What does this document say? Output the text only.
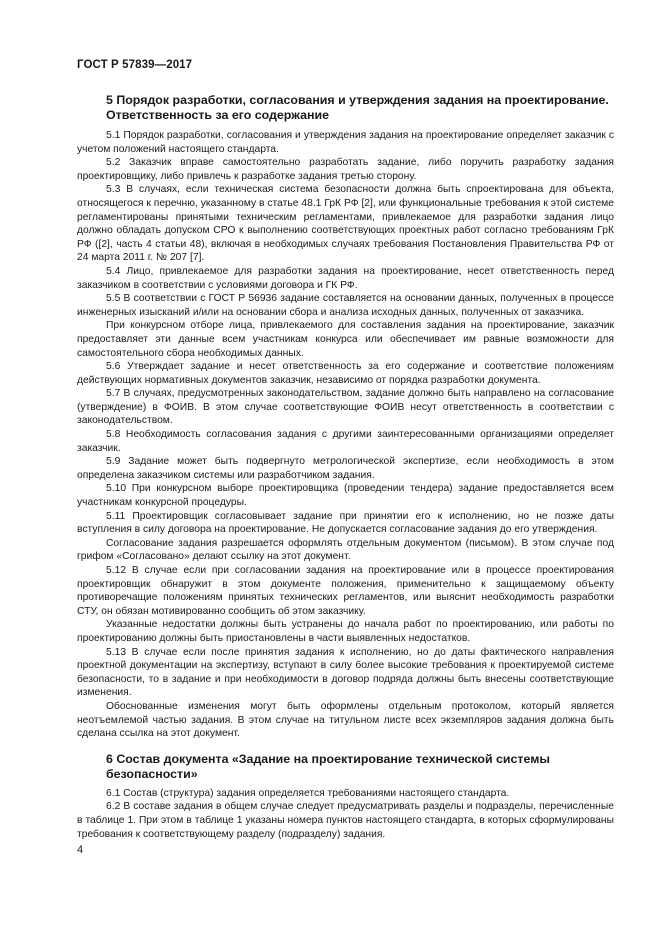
ГОСТ Р 57839—2017
5 Порядок разработки, согласования и утверждения задания на проектирование. Ответственность за его содержание

5.1 Порядок разработки, согласования и утверждения задания на проектирование определяет заказчик с учетом положений настоящего стандарта.

5.2 Заказчик вправе самостоятельно разработать задание, либо поручить разработку задания проектировщику, либо привлечь к разработке задания третью сторону.

5.3 В случаях, если техническая система безопасности должна быть спроектирована для объекта, относящегося к перечню, указанному в статье 48.1 ГрК РФ [2], или функциональные требования к этой системе регламентированы принятыми техническим регламентами, привлекаемое для разработки задания лицо должно обладать допуском СРО к выполнению соответствующих проектных работ согласно требованиям ГрК РФ ([2], часть 4 статьи 48), включая в необходимых случаях требования Постановления Правительства РФ от 24 марта 2011 г. № 207 [7].

5.4 Лицо, привлекаемое для разработки задания на проектирование, несет ответственность перед заказчиком в соответствии с условиями договора и ГК РФ.

5.5 В соответствии с ГОСТ Р 56936 задание составляется на основании данных, полученных в процессе инженерных изысканий и/или на основании сбора и анализа исходных данных, полученных от заказчика.

При конкурсном отборе лица, привлекаемого для составления задания на проектирование, заказчик предоставляет эти данные всем участникам конкурса или обеспечивает им равные возможности для самостоятельного сбора необходимых данных.

5.6 Утверждает задание и несет ответственность за его содержание и соответствие положениям действующих нормативных документов заказчик, независимо от порядка разработки документа.

5.7 В случаях, предусмотренных законодательством, задание должно быть направлено на согласование (утверждение) в ФОИВ. В этом случае соответствующие ФОИВ несут ответственность в соответствии с законодательством.

5.8 Необходимость согласования задания с другими заинтересованными организациями определяет заказчик.

5.9 Задание может быть подвергнуто метрологической экспертизе, если необходимость в этом определена заказчиком системы или разработчиком задания.

5.10 При конкурсном выборе проектировщика (проведении тендера) задание предоставляется всем участникам конкурсной процедуры.

5.11 Проектировщик согласовывает задание при принятии его к исполнению, но не позже даты вступления в силу договора на проектирование. Не допускается согласование задания до его утверждения.

Согласование задания разрешается оформлять отдельным документом (письмом). В этом случае под грифом «Согласовано» делают ссылку на этот документ.

5.12 В случае если при согласовании задания на проектирование или в процессе проектирования проектировщик обнаружит в этом документе положения, применительно к защищаемому объекту противоречащие положениям принятых технических регламентов, или выяснит необходимость разработки СТУ, он обязан мотивированно сообщить об этом заказчику.

Указанные недостатки должны быть устранены до начала работ по проектированию, или работы по проектированию должны быть приостановлены в части выявленных недостатков.

5.13 В случае если после принятия задания к исполнению, но до даты фактического направления проектной документации на экспертизу, вступают в силу более высокие требования к проектируемой системе безопасности, то в задание и при необходимости в договор подряда должны быть внесены соответствующие изменения.

Обоснованные изменения могут быть оформлены отдельным протоколом, который является неотъемлемой частью задания. В этом случае на титульном листе всех экземпляров задания должна быть сделана ссылка на этот документ.

6 Состав документа «Задание на проектирование технической системы безопасности»

6.1 Состав (структура) задания определяется требованиями настоящего стандарта.

6.2 В составе задания в общем случае следует предусматривать разделы и подразделы, перечисленные в таблице 1. При этом в таблице 1 указаны номера пунктов настоящего стандарта, в которых сформулированы требования к соответствующему разделу (подразделу) задания.

4
